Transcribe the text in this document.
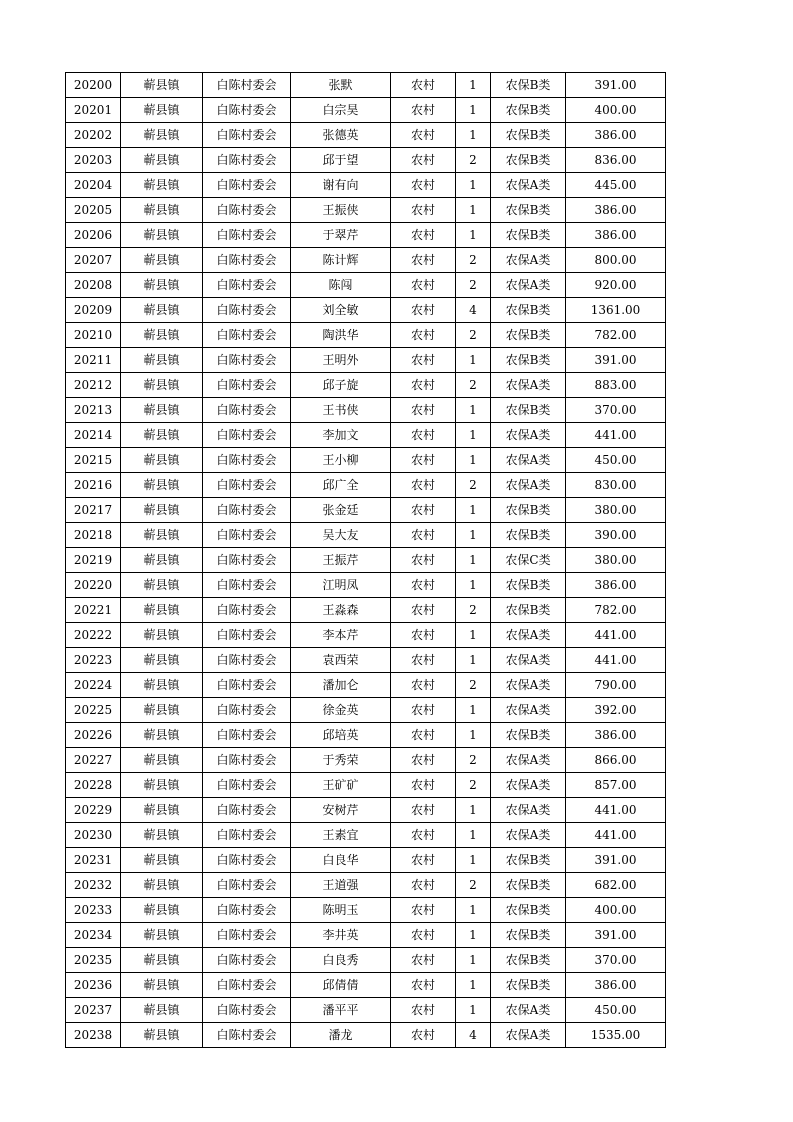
20200	蕲县镇	白陈村委会	张默	农村	1	农保B类	391.00
20201	蕲县镇	白陈村委会	白宗昊	农村	1	农保B类	400.00
20202	蕲县镇	白陈村委会	张德英	农村	1	农保B类	386.00
20203	蕲县镇	白陈村委会	邱于望	农村	2	农保B类	836.00
20204	蕲县镇	白陈村委会	谢有向	农村	1	农保A类	445.00
20205	蕲县镇	白陈村委会	王振侠	农村	1	农保B类	386.00
20206	蕲县镇	白陈村委会	于翠芹	农村	1	农保B类	386.00
20207	蕲县镇	白陈村委会	陈计辉	农村	2	农保A类	800.00
20208	蕲县镇	白陈村委会	陈闯	农村	2	农保A类	920.00
20209	蕲县镇	白陈村委会	刘全敏	农村	4	农保B类	1361.00
20210	蕲县镇	白陈村委会	陶洪华	农村	2	农保B类	782.00
20211	蕲县镇	白陈村委会	王明外	农村	1	农保B类	391.00
20212	蕲县镇	白陈村委会	邱子旋	农村	2	农保A类	883.00
20213	蕲县镇	白陈村委会	王书侠	农村	1	农保B类	370.00
20214	蕲县镇	白陈村委会	李加文	农村	1	农保A类	441.00
20215	蕲县镇	白陈村委会	王小柳	农村	1	农保A类	450.00
20216	蕲县镇	白陈村委会	邱广全	农村	2	农保A类	830.00
20217	蕲县镇	白陈村委会	张金廷	农村	1	农保B类	380.00
20218	蕲县镇	白陈村委会	吴大友	农村	1	农保B类	390.00
20219	蕲县镇	白陈村委会	王振芹	农村	1	农保C类	380.00
20220	蕲县镇	白陈村委会	江明凤	农村	1	农保B类	386.00
20221	蕲县镇	白陈村委会	王淼森	农村	2	农保B类	782.00
20222	蕲县镇	白陈村委会	李本芹	农村	1	农保A类	441.00
20223	蕲县镇	白陈村委会	袁西荣	农村	1	农保A类	441.00
20224	蕲县镇	白陈村委会	潘加仑	农村	2	农保A类	790.00
20225	蕲县镇	白陈村委会	徐金英	农村	1	农保A类	392.00
20226	蕲县镇	白陈村委会	邱培英	农村	1	农保B类	386.00
20227	蕲县镇	白陈村委会	于秀荣	农村	2	农保A类	866.00
20228	蕲县镇	白陈村委会	王矿矿	农村	2	农保A类	857.00
20229	蕲县镇	白陈村委会	安树芹	农村	1	农保A类	441.00
20230	蕲县镇	白陈村委会	王素宜	农村	1	农保A类	441.00
20231	蕲县镇	白陈村委会	白良华	农村	1	农保B类	391.00
20232	蕲县镇	白陈村委会	王道强	农村	2	农保B类	682.00
20233	蕲县镇	白陈村委会	陈明玉	农村	1	农保B类	400.00
20234	蕲县镇	白陈村委会	李井英	农村	1	农保B类	391.00
20235	蕲县镇	白陈村委会	白良秀	农村	1	农保B类	370.00
20236	蕲县镇	白陈村委会	邱倩倩	农村	1	农保B类	386.00
20237	蕲县镇	白陈村委会	潘平平	农村	1	农保A类	450.00
20238	蕲县镇	白陈村委会	潘龙	农村	4	农保A类	1535.00
